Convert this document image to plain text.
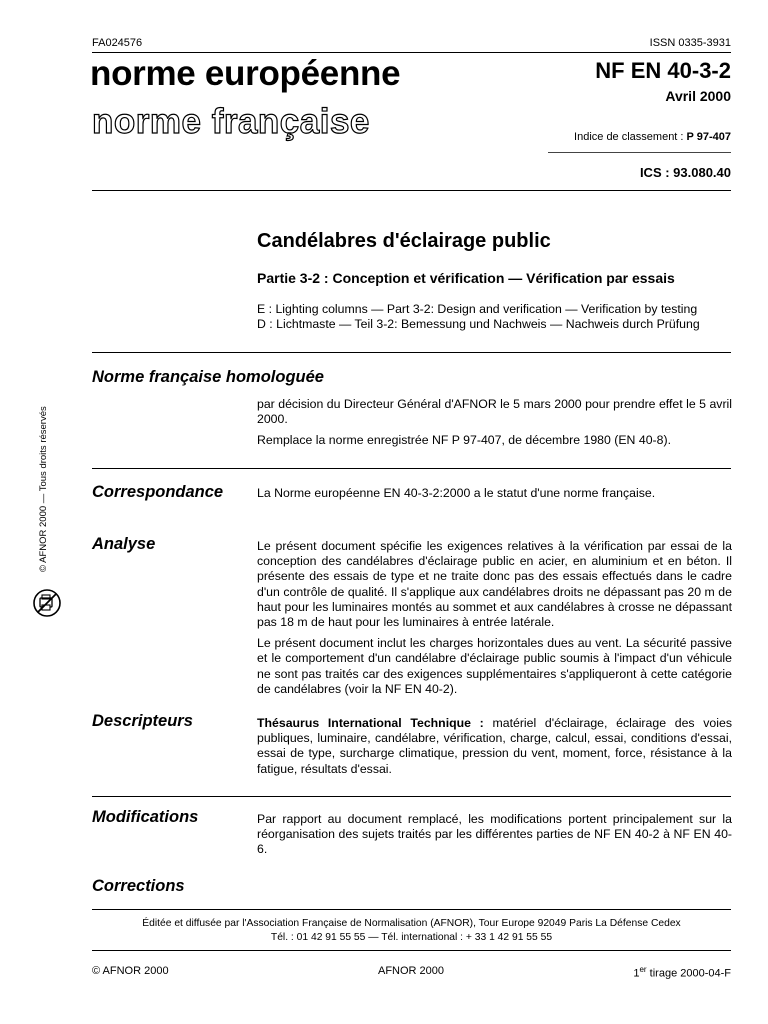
FA024576	ISSN 0335-3931
norme européenne
norme française
NF EN 40-3-2
Avril 2000
Indice de classement : P 97-407
ICS : 93.080.40
Candélabres d'éclairage public
Partie 3-2 : Conception et vérification — Vérification par essais
E : Lighting columns — Part 3-2: Design and verification — Verification by testing
D : Lichtmaste — Teil 3-2: Bemessung und Nachweis — Nachweis durch Prüfung
Norme française homologuée

par décision du Directeur Général d'AFNOR le 5 mars 2000 pour prendre effet le 5 avril 2000.

Remplace la norme enregistrée NF P 97-407, de décembre 1980 (EN 40-8).

Correspondance	La Norme européenne EN 40-3-2:2000 a le statut d'une norme française.
Analyse	Le présent document spécifie les exigences relatives à la vérification par essai de la conception des candélabres d'éclairage public en acier, en aluminium et en béton. Il présente des essais de type et ne traite donc pas des essais effectués dans le cadre d'un contrôle de qualité. Il s'applique aux candélabres droits ne dépassant pas 20 m de haut pour les luminaires montés au sommet et aux candélabres à crosse ne dépassant pas 18 m de haut pour les luminaires à entrée latérale.

Le présent document inclut les charges horizontales dues au vent. La sécurité passive et le comportement d'un candélabre d'éclairage public soumis à l'impact d'un véhicule ne sont pas traités car des exigences supplémentaires s'appliqueront à cette catégorie de candélabres (voir la NF EN 40-2).

Descripteurs	Thésaurus International Technique : matériel d'éclairage, éclairage des voies publiques, luminaire, candélabre, vérification, charge, calcul, essai, conditions d'essai, essai de type, surcharge climatique, pression du vent, moment, force, résistance à la fatigue, résultats d'essai.
Modifications	Par rapport au document remplacé, les modifications portent principalement sur la réorganisation des sujets traités par les différentes parties de NF EN 40-2 à NF EN 40-6.
Corrections
Éditée et diffusée par l'Association Française de Normalisation (AFNOR), Tour Europe 92049 Paris La Défense Cedex
Tél. : 01 42 91 55 55 — Tél. international : + 33 1 42 91 55 55
© AFNOR 2000	AFNOR 2000	1er tirage 2000-04-F
© AFNOR 2000 — Tous droits réservés
